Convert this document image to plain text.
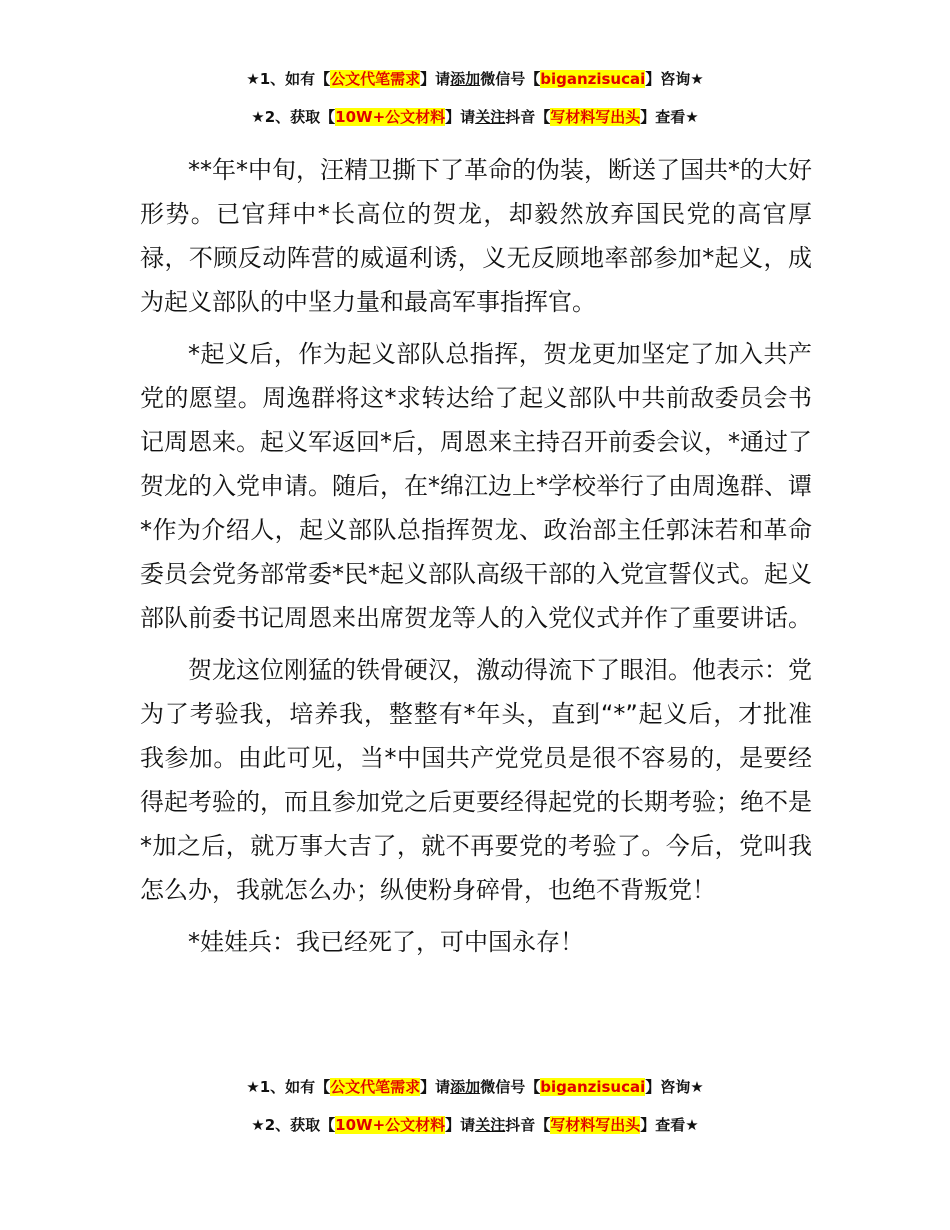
★1、如有【公文代笔需求】请添加微信号【biganzisucai】咨询★
★2、获取【10W+公文材料】请关注抖音【写材料写出头】查看★

**年*中旬，汪精卫撕下了革命的伪装，断送了国共*的大好形势。已官拜中*长高位的贺龙，却毅然放弃国民党的高官厚禄，不顾反动阵营的威逼利诱，义无反顾地率部参加*起义，成为起义部队的中坚力量和最高军事指挥官。

*起义后，作为起义部队总指挥，贺龙更加坚定了加入共产党的愿望。周逸群将这*求转达给了起义部队中共前敌委员会书记周恩来。起义军返回*后，周恩来主持召开前委会议，*通过了贺龙的入党申请。随后，在*绵江边上*学校举行了由周逸群、谭*作为介绍人，起义部队总指挥贺龙、政治部主任郭沫若和革命委员会党务部常委*民*起义部队高级干部的入党宣誓仪式。起义部队前委书记周恩来出席贺龙等人的入党仪式并作了重要讲话。

贺龙这位刚猛的铁骨硬汉，激动得流下了眼泪。他表示：党为了考验我，培养我，整整有*年头，直到“*”起义后，才批准我参加。由此可见，当*中国共产党党员是很不容易的，是要经得起考验的，而且参加党之后更要经得起党的长期考验；绝不是*加之后，就万事大吉了，就不再要党的考验了。今后，党叫我怎么办，我就怎么办；纵使粉身碎骨，也绝不背叛党！

*娃娃兵：我已经死了，可中国永存！

★1、如有【公文代笔需求】请添加微信号【biganzisucai】咨询★
★2、获取【10W+公文材料】请关注抖音【写材料写出头】查看★
